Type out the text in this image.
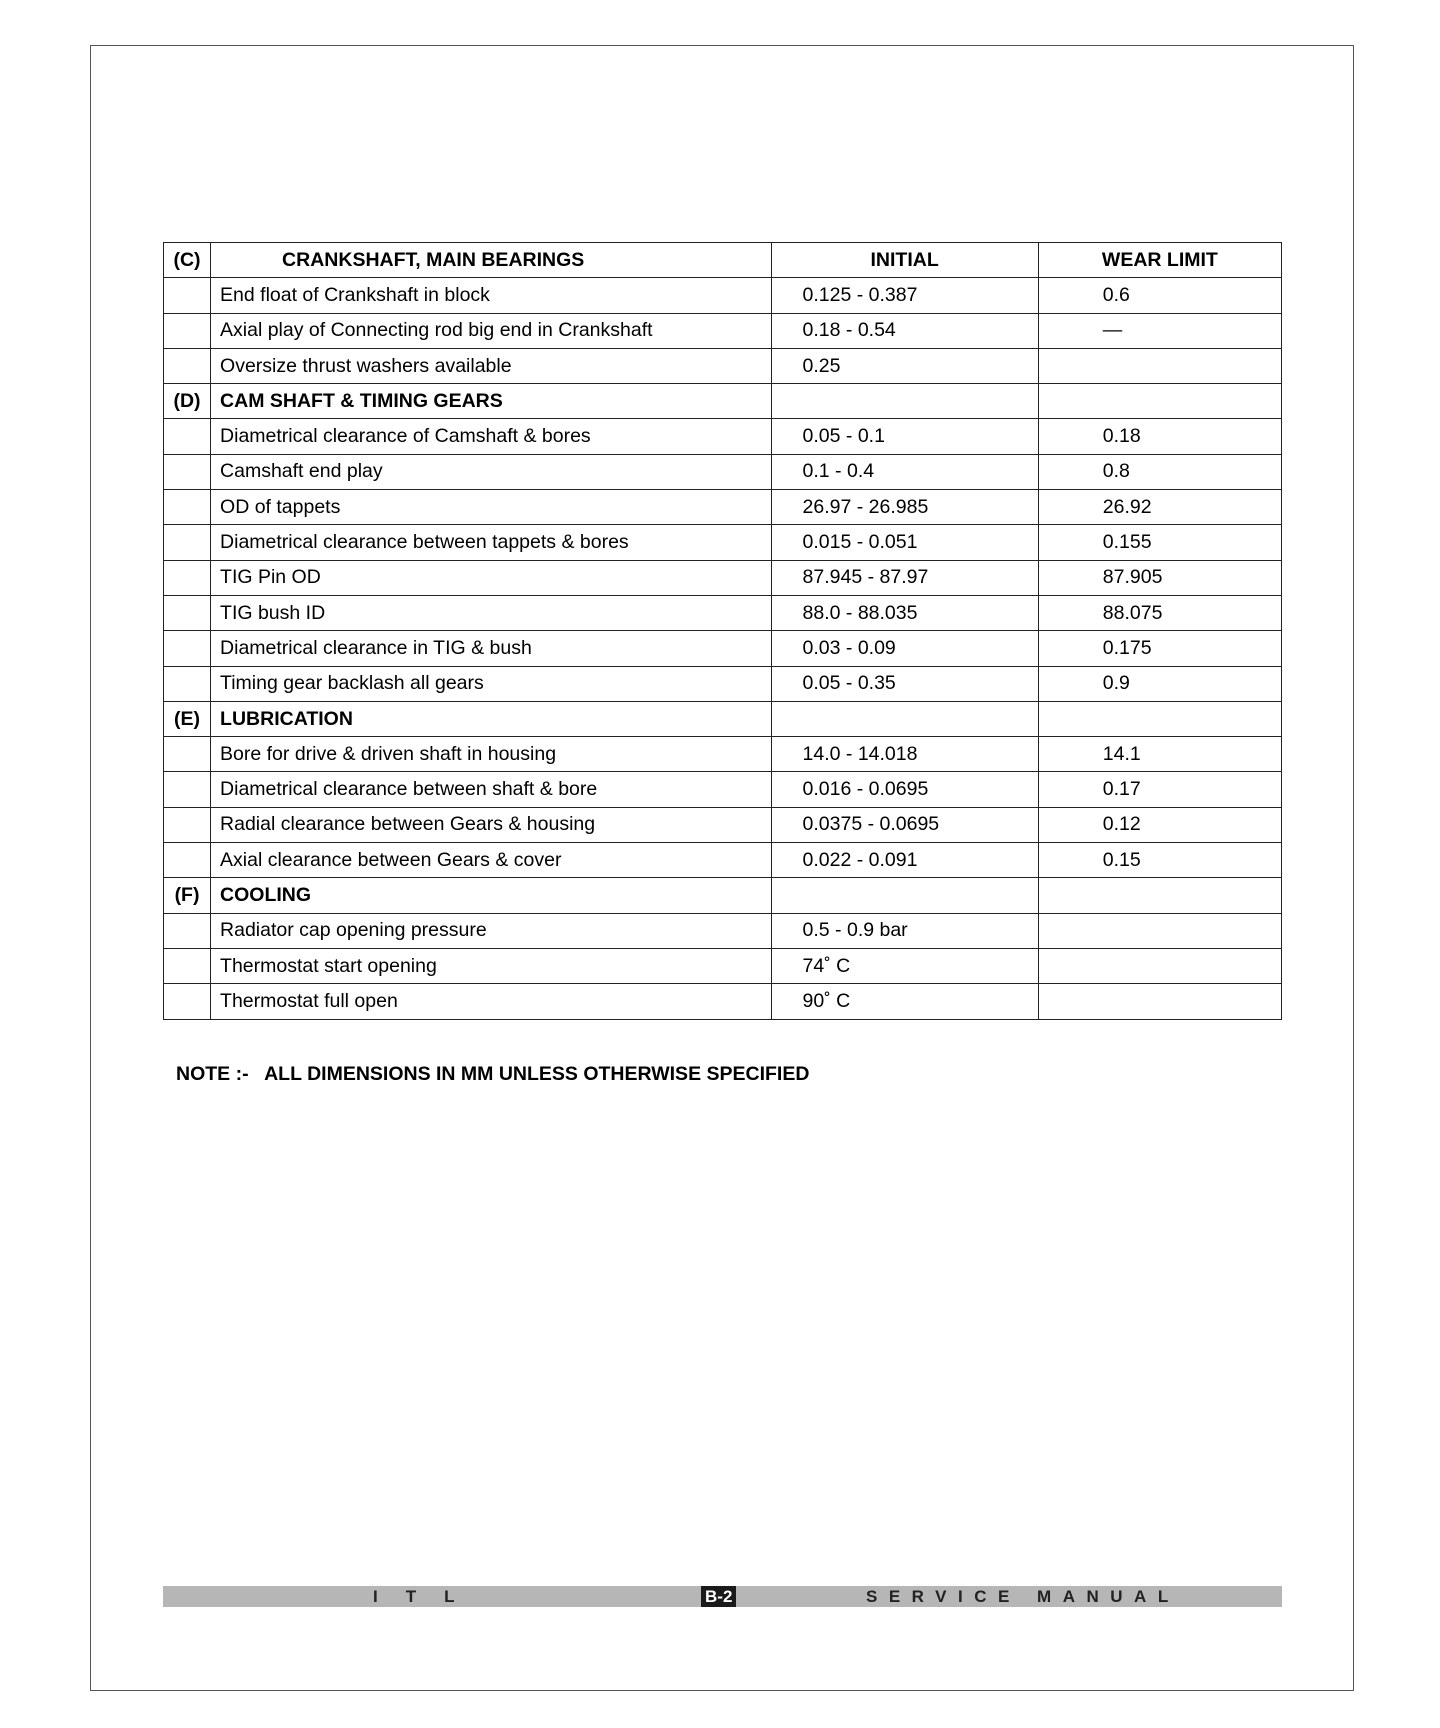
(C)	CRANKSHAFT, MAIN BEARINGS	INITIAL	WEAR LIMIT
	End float of Crankshaft in block	0.125 - 0.387	0.6
	Axial play of Connecting rod big end in Crankshaft	0.18 - 0.54	—
	Oversize thrust washers available	0.25	
(D)	CAM SHAFT & TIMING GEARS		
	Diametrical clearance of Camshaft & bores	0.05 - 0.1	0.18
	Camshaft end play	0.1 - 0.4	0.8
	OD of tappets	26.97 - 26.985	26.92
	Diametrical clearance between tappets & bores	0.015 - 0.051	0.155
	TIG Pin OD	87.945 - 87.97	87.905
	TIG bush ID	88.0 - 88.035	88.075
	Diametrical clearance in TIG & bush	0.03 - 0.09	0.175
	Timing gear backlash all gears	0.05 - 0.35	0.9
(E)	LUBRICATION		
	Bore for drive & driven shaft in housing	14.0 - 14.018	14.1
	Diametrical clearance between shaft & bore	0.016 - 0.0695	0.17
	Radial clearance between Gears & housing	0.0375 - 0.0695	0.12
	Axial clearance between Gears & cover	0.022 - 0.091	0.15
(F)	COOLING		
	Radiator cap opening pressure	0.5 - 0.9 bar	
	Thermostat start opening	74˚ C	
	Thermostat full open	90˚ C	
NOTE :-   ALL DIMENSIONS IN MM UNLESS OTHERWISE SPECIFIED
ITL	B-2	SERVICE MANUAL
